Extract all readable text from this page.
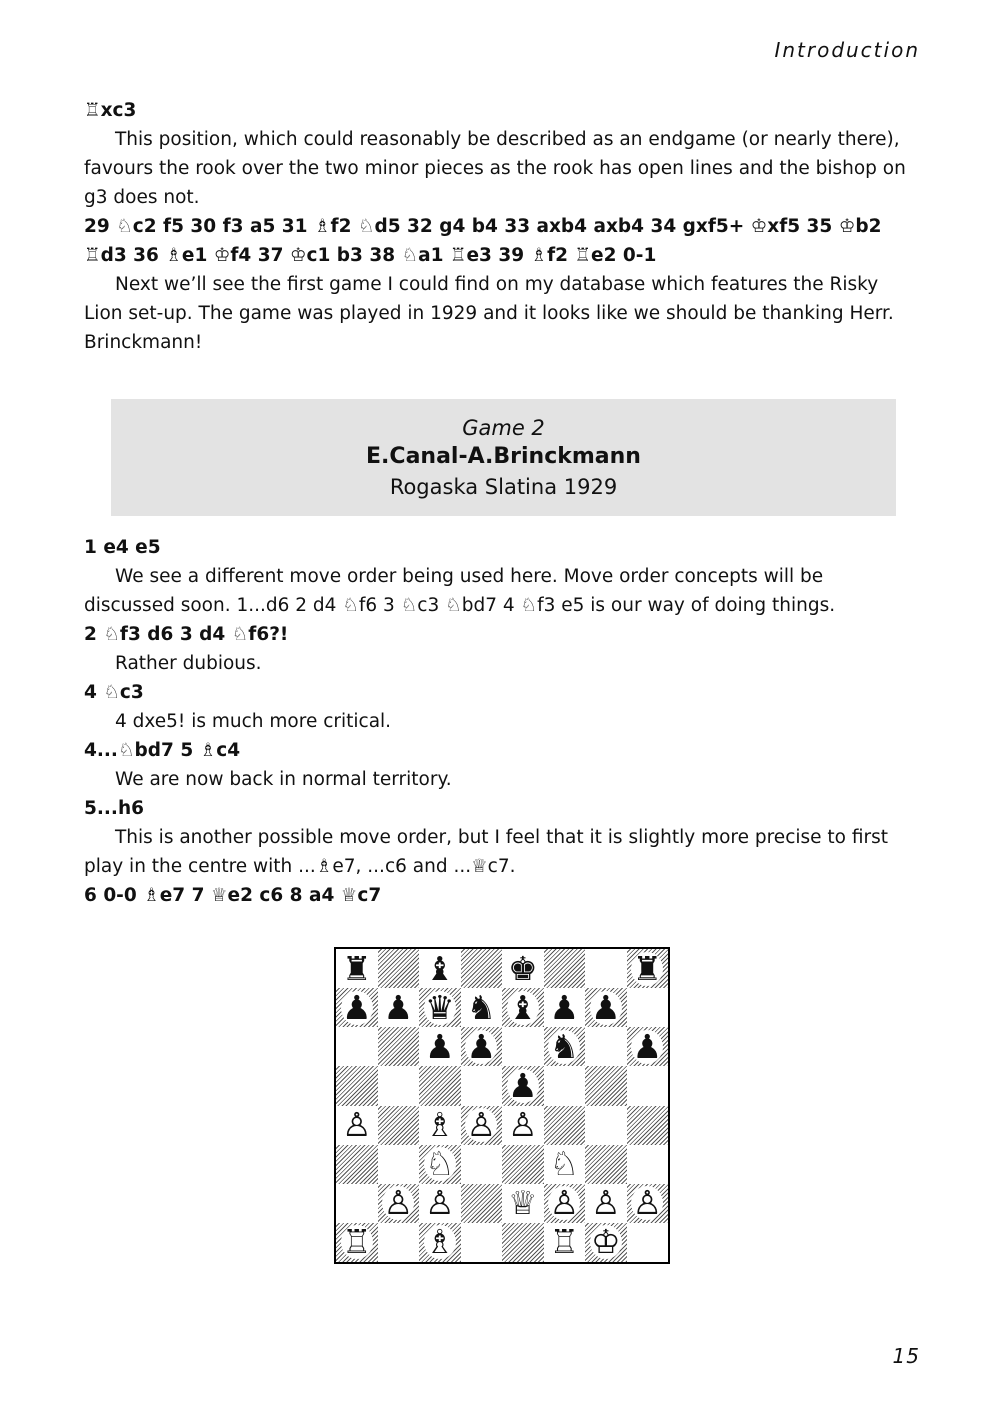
Introduction

♖xc3

This position, which could reasonably be described as an endgame (or nearly there), favours the rook over the two minor pieces as the rook has open lines and the bishop on g3 does not.

29 ♘c2 f5 30 f3 a5 31 ♗f2 ♘d5 32 g4 b4 33 axb4 axb4 34 gxf5+ ♔xf5 35 ♔b2 ♖d3 36 ♗e1 ♔f4 37 ♔c1 b3 38 ♘a1 ♖e3 39 ♗f2 ♖e2 0-1

Next we’ll see the first game I could find on my database which features the Risky Lion set-up. The game was played in 1929 and it looks like we should be thanking Herr. Brinckmann!

Game 2
E.Canal-A.Brinckmann
Rogaska Slatina 1929

1 e4 e5

We see a different move order being used here. Move order concepts will be discussed soon. 1...d6 2 d4 ♘f6 3 ♘c3 ♘bd7 4 ♘f3 e5 is our way of doing things.

2 ♘f3 d6 3 d4 ♘f6?!

Rather dubious.

4 ♘c3

4 dxe5! is much more critical.

4...♘bd7 5 ♗c4

We are now back in normal territory.

5...h6

This is another possible move order, but I feel that it is slightly more precise to first play in the centre with ...♗e7, ...c6 and ...♕c7.

6 0-0 ♗e7 7 ♕e2 c6 8 a4 ♕c7

♜ ♝ ♚	♜
♟ ♟ ♛ ♞ ♝ ♟ ♟
♟ ♟ ♞ ♟
♟
♙ ♗ ♙ ♙
♘	♘
♙ ♙ ♕ ♙ ♙ ♙
♖ ♗	♖ ♔
15
